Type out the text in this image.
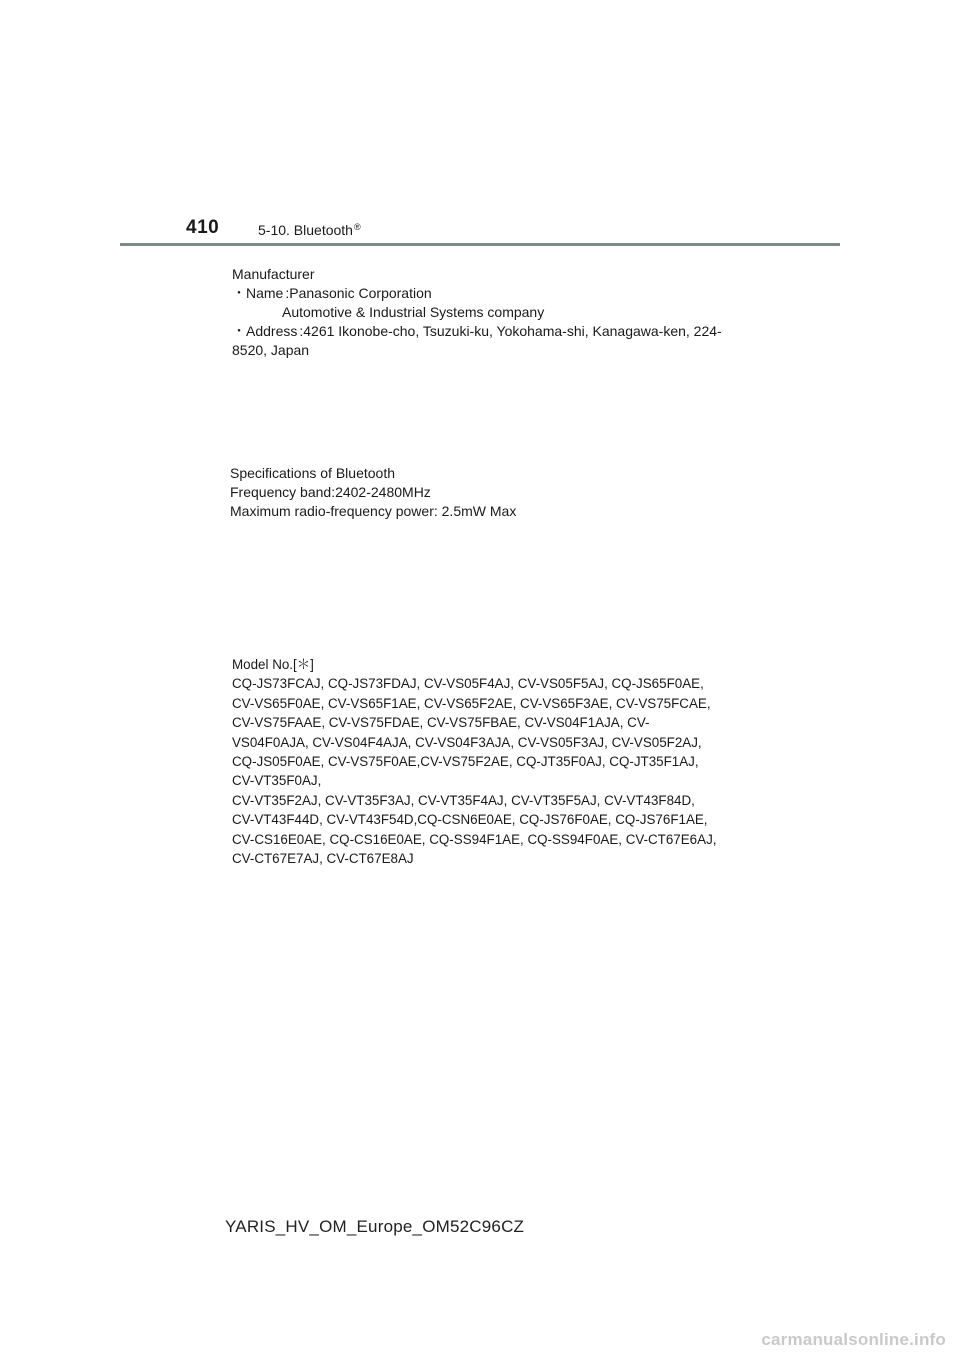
410	5-10. Bluetooth®

Manufacturer

・Name :Panasonic Corporation

Automotive & Industrial Systems company

・Address :4261 Ikonobe-cho, Tsuzuki-ku, Yokohama-shi, Kanagawa-ken, 224-

8520, Japan

Specifications of Bluetooth

Frequency band:2402-2480MHz

Maximum radio-frequency power: 2.5mW Max

Model No.[＊]

CQ-JS73FCAJ, CQ-JS73FDAJ, CV-VS05F4AJ, CV-VS05F5AJ, CQ-JS65F0AE,

CV-VS65F0AE, CV-VS65F1AE, CV-VS65F2AE, CV-VS65F3AE, CV-VS75FCAE,

CV-VS75FAAE, CV-VS75FDAE, CV-VS75FBAE, CV-VS04F1AJA, CV-

VS04F0AJA, CV-VS04F4AJA, CV-VS04F3AJA, CV-VS05F3AJ, CV-VS05F2AJ,

CQ-JS05F0AE, CV-VS75F0AE,CV-VS75F2AE, CQ-JT35F0AJ, CQ-JT35F1AJ,

CV-VT35F0AJ,

CV-VT35F2AJ, CV-VT35F3AJ, CV-VT35F4AJ, CV-VT35F5AJ, CV-VT43F84D,

CV-VT43F44D, CV-VT43F54D,CQ-CSN6E0AE, CQ-JS76F0AE, CQ-JS76F1AE,

CV-CS16E0AE, CQ-CS16E0AE, CQ-SS94F1AE, CQ-SS94F0AE, CV-CT67E6AJ,

CV-CT67E7AJ, CV-CT67E8AJ

YARIS_HV_OM_Europe_OM52C96CZ
carmanualsonline.info
